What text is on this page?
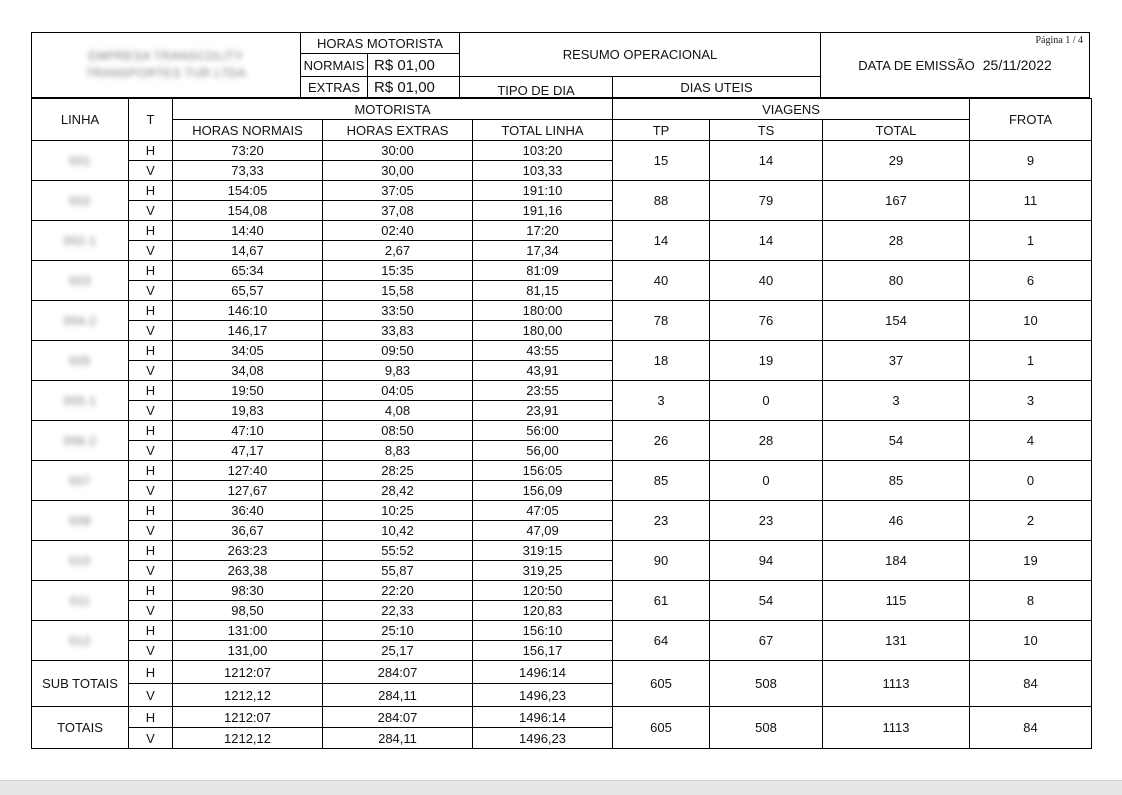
EMPRESA TRANSCOLITY
TRANSPORTES TUR LTDA
HORAS MOTORISTA
NORMAIS R$ 01,00
EXTRAS R$ 01,00
RESUMO OPERACIONAL
TIPO DE DIA	DIAS UTEIS
DATA DE EMISSÃO 25/11/2022
Página 1 / 4
LINHA	T	MOTORISTA			VIAGENS			FROTA
		HORAS NORMAIS	HORAS EXTRAS	TOTAL LINHA	TP	TS	TOTAL	
001	H	73:20	30:00	103:20	15	14	29	9
	V	73,33	30,00	103,33				
002	H	154:05	37:05	191:10	88	79	167	11
	V	154,08	37,08	191,16				
002-1	H	14:40	02:40	17:20	14	14	28	1
	V	14,67	2,67	17,34				
003	H	65:34	15:35	81:09	40	40	80	6
	V	65,57	15,58	81,15				
004-2	H	146:10	33:50	180:00	78	76	154	10
	V	146,17	33,83	180,00				
005	H	34:05	09:50	43:55	18	19	37	1
	V	34,08	9,83	43,91				
005-1	H	19:50	04:05	23:55	3	0	3	3
	V	19,83	4,08	23,91				
006-2	H	47:10	08:50	56:00	26	28	54	4
	V	47,17	8,83	56,00				
007	H	127:40	28:25	156:05	85	0	85	0
	V	127,67	28,42	156,09				
008	H	36:40	10:25	47:05	23	23	46	2
	V	36,67	10,42	47,09				
010	H	263:23	55:52	319:15	90	94	184	19
	V	263,38	55,87	319,25				
011	H	98:30	22:20	120:50	61	54	115	8
	V	98,50	22,33	120,83				
012	H	131:00	25:10	156:10	64	67	131	10
	V	131,00	25,17	156,17				
SUB TOTAIS	H	1212:07	284:07	1496:14	605	508	1113	84
	V	1212,12	284,11	1496,23				
TOTAIS	H	1212:07	284:07	1496:14	605	508	1113	84
	V	1212,12	284,11	1496,23				
